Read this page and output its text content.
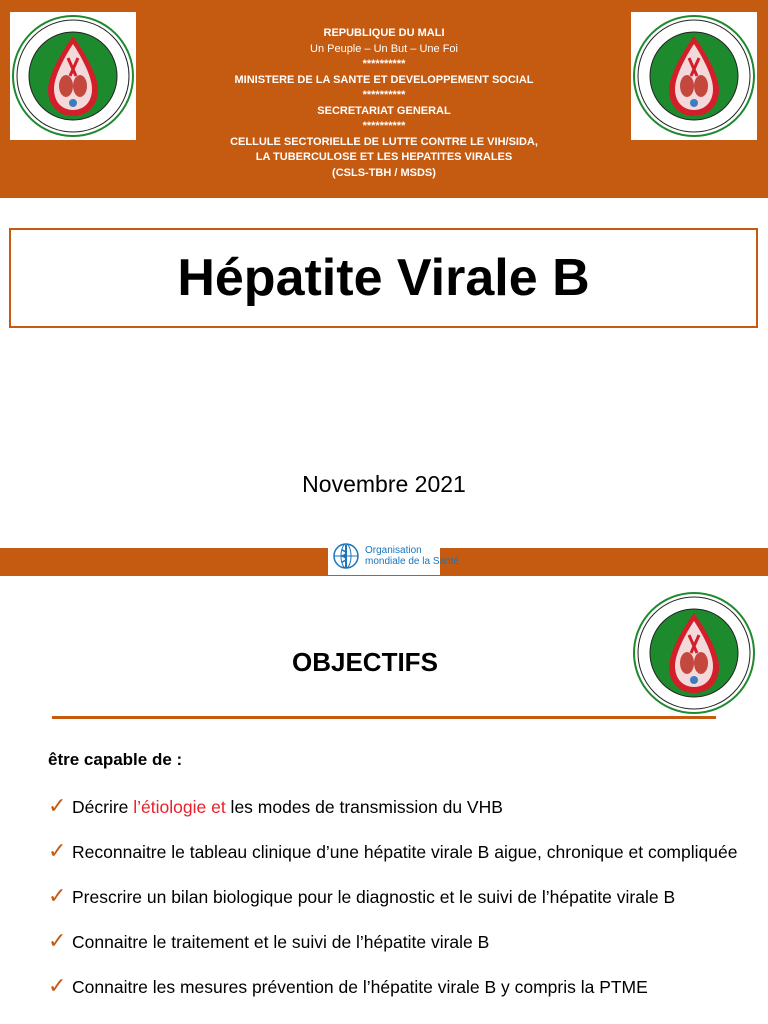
REPUBLIQUE DU MALI
Un Peuple – Un But – Une Foi
**********
MINISTERE DE LA SANTE ET DEVELOPPEMENT SOCIAL
**********
SECRETARIAT GENERAL
**********
CELLULE SECTORIELLE DE LUTTE CONTRE LE VIH/SIDA,
LA TUBERCULOSE ET LES HEPATITES VIRALES
(CSLS-TBH / MSDS)
Hépatite Virale B
Novembre 2021
Organisation
mondiale de la Santé
OBJECTIFS
être capable de :
✓ Décrire l’étiologie et les modes de transmission du VHB
✓ Reconnaitre le tableau clinique d’une hépatite virale B aigue, chronique et compliquée
✓ Prescrire un bilan biologique pour le diagnostic et le suivi de l’hépatite virale B
✓ Connaitre le traitement et le suivi de l’hépatite virale B
✓ Connaitre les mesures prévention de l’hépatite virale B y compris la PTME
